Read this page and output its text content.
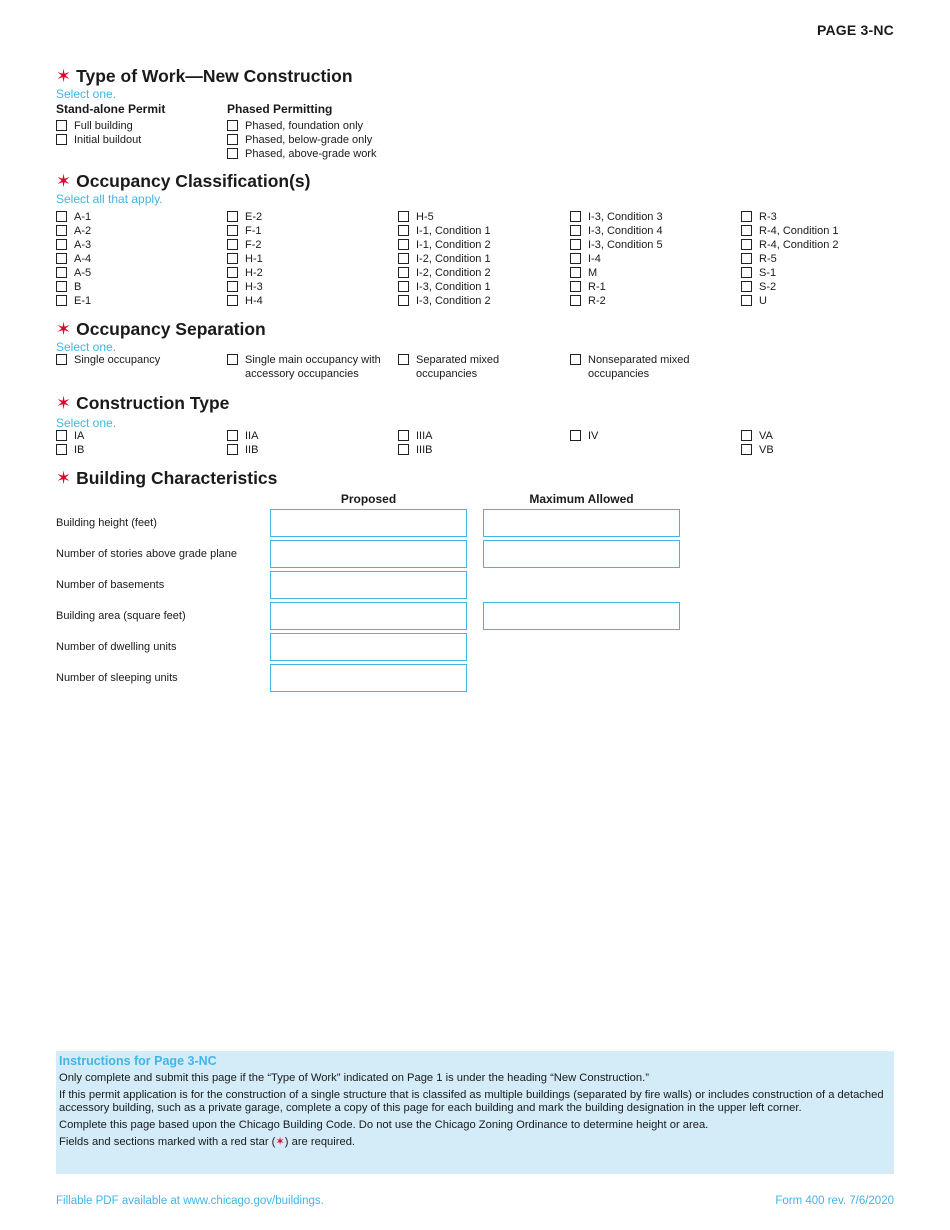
PAGE 3-NC
✶ Type of Work—New Construction
Select one.
Stand-alone Permit	Phased Permitting
Full building
Initial buildout
Phased, foundation only
Phased, below-grade only
Phased, above-grade work
✶ Occupancy Classification(s)
Select all that apply.
A-1
A-2
A-3
A-4
A-5
B
E-1
E-2
F-1
F-2
H-1
H-2
H-3
H-4
H-5
I-1, Condition 1
I-1, Condition 2
I-2, Condition 1
I-2, Condition 2
I-3, Condition 1
I-3, Condition 2
I-3, Condition 3
I-3, Condition 4
I-3, Condition 5
I-4
M
R-1
R-2
R-3
R-4, Condition 1
R-4, Condition 2
R-5
S-1
S-2
U
✶ Occupancy Separation
Select one.
Single occupancy	Single main occupancy with
accessory occupancies
Separated mixed
occupancies
Nonseparated mixed
occupancies
✶ Construction Type
Select one.
IA
IB
IIA
IIB
IIIA
IIIB
IV	VA
VB
✶ Building Characteristics
Proposed	Maximum Allowed
Building height (feet)
Number of stories above grade plane
Number of basements
Building area (square feet)
Number of dwelling units
Number of sleeping units
Instructions for Page 3-NC

Only complete and submit this page if the “Type of Work” indicated on Page 1 is under the heading “New Construction.”

If this permit application is for the construction of a single structure that is classifed as multiple buildings (separated by fire walls) or includes construction of a detached accessory building, such as a private garage, complete a copy of this page for each building and mark the building designation in the upper left corner.

Complete this page based upon the Chicago Building Code. Do not use the Chicago Zoning Ordinance to determine height or area.

Fields and sections marked with a red star (✶) are required.

Fillable PDF available at www.chicago.gov/buildings.	Form 400 rev. 7/6/2020
